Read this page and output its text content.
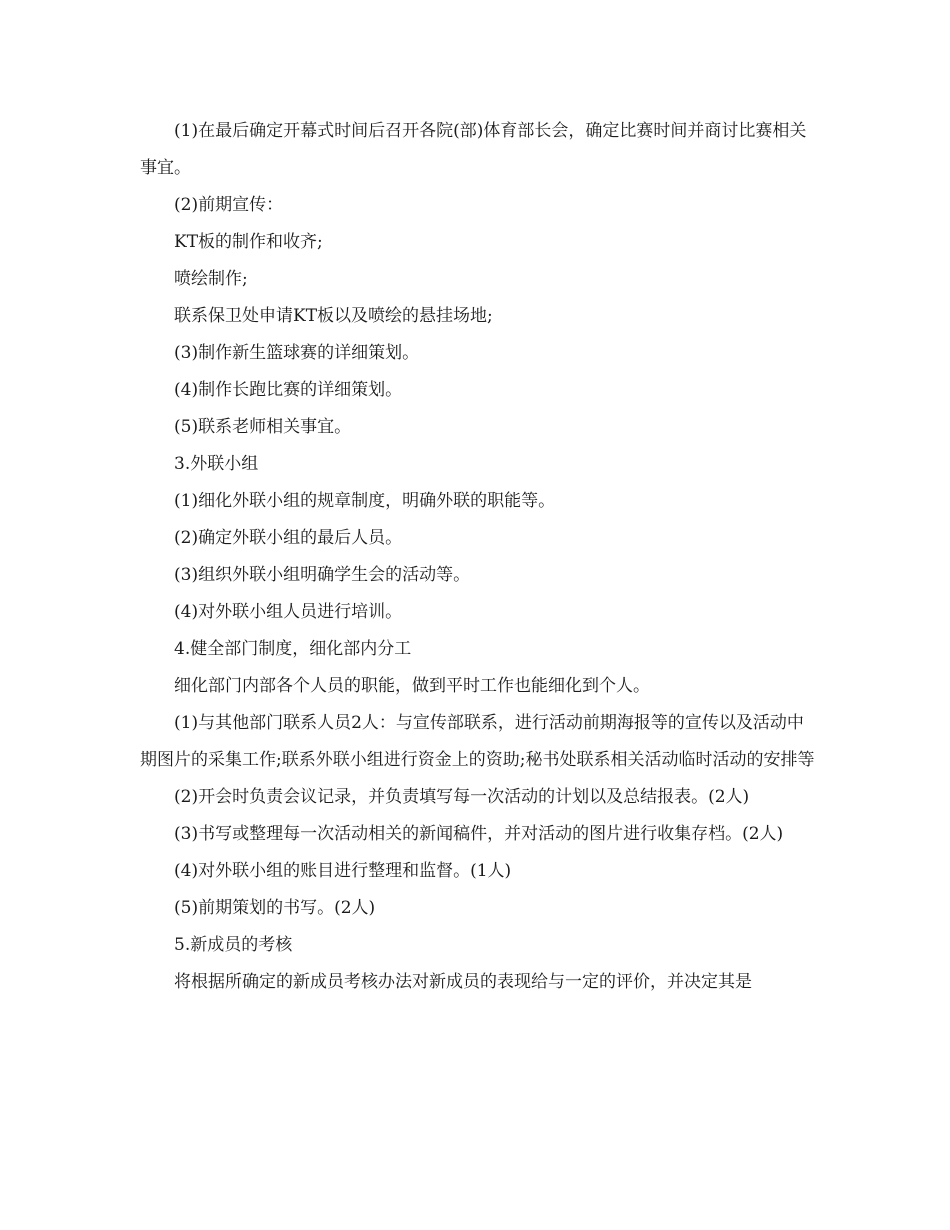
(1)在最后确定开幕式时间后召开各院(部)体育部长会，确定比赛时间并商讨比赛相关事宜。

(2)前期宣传：

KT板的制作和收齐;

喷绘制作;

联系保卫处申请KT板以及喷绘的悬挂场地;

(3)制作新生篮球赛的详细策划。

(4)制作长跑比赛的详细策划。

(5)联系老师相关事宜。

3.外联小组

(1)细化外联小组的规章制度，明确外联的职能等。

(2)确定外联小组的最后人员。

(3)组织外联小组明确学生会的活动等。

(4)对外联小组人员进行培训。

4.健全部门制度，细化部内分工

细化部门内部各个人员的职能，做到平时工作也能细化到个人。

(1)与其他部门联系人员2人：与宣传部联系，进行活动前期海报等的宣传以及活动中期图片的采集工作;联系外联小组进行资金上的资助;秘书处联系相关活动临时活动的安排等

(2)开会时负责会议记录，并负责填写每一次活动的计划以及总结报表。(2人)

(3)书写或整理每一次活动相关的新闻稿件，并对活动的图片进行收集存档。(2人)

(4)对外联小组的账目进行整理和监督。(1人)

(5)前期策划的书写。(2人)

5.新成员的考核

将根据所确定的新成员考核办法对新成员的表现给与一定的评价，并决定其是
